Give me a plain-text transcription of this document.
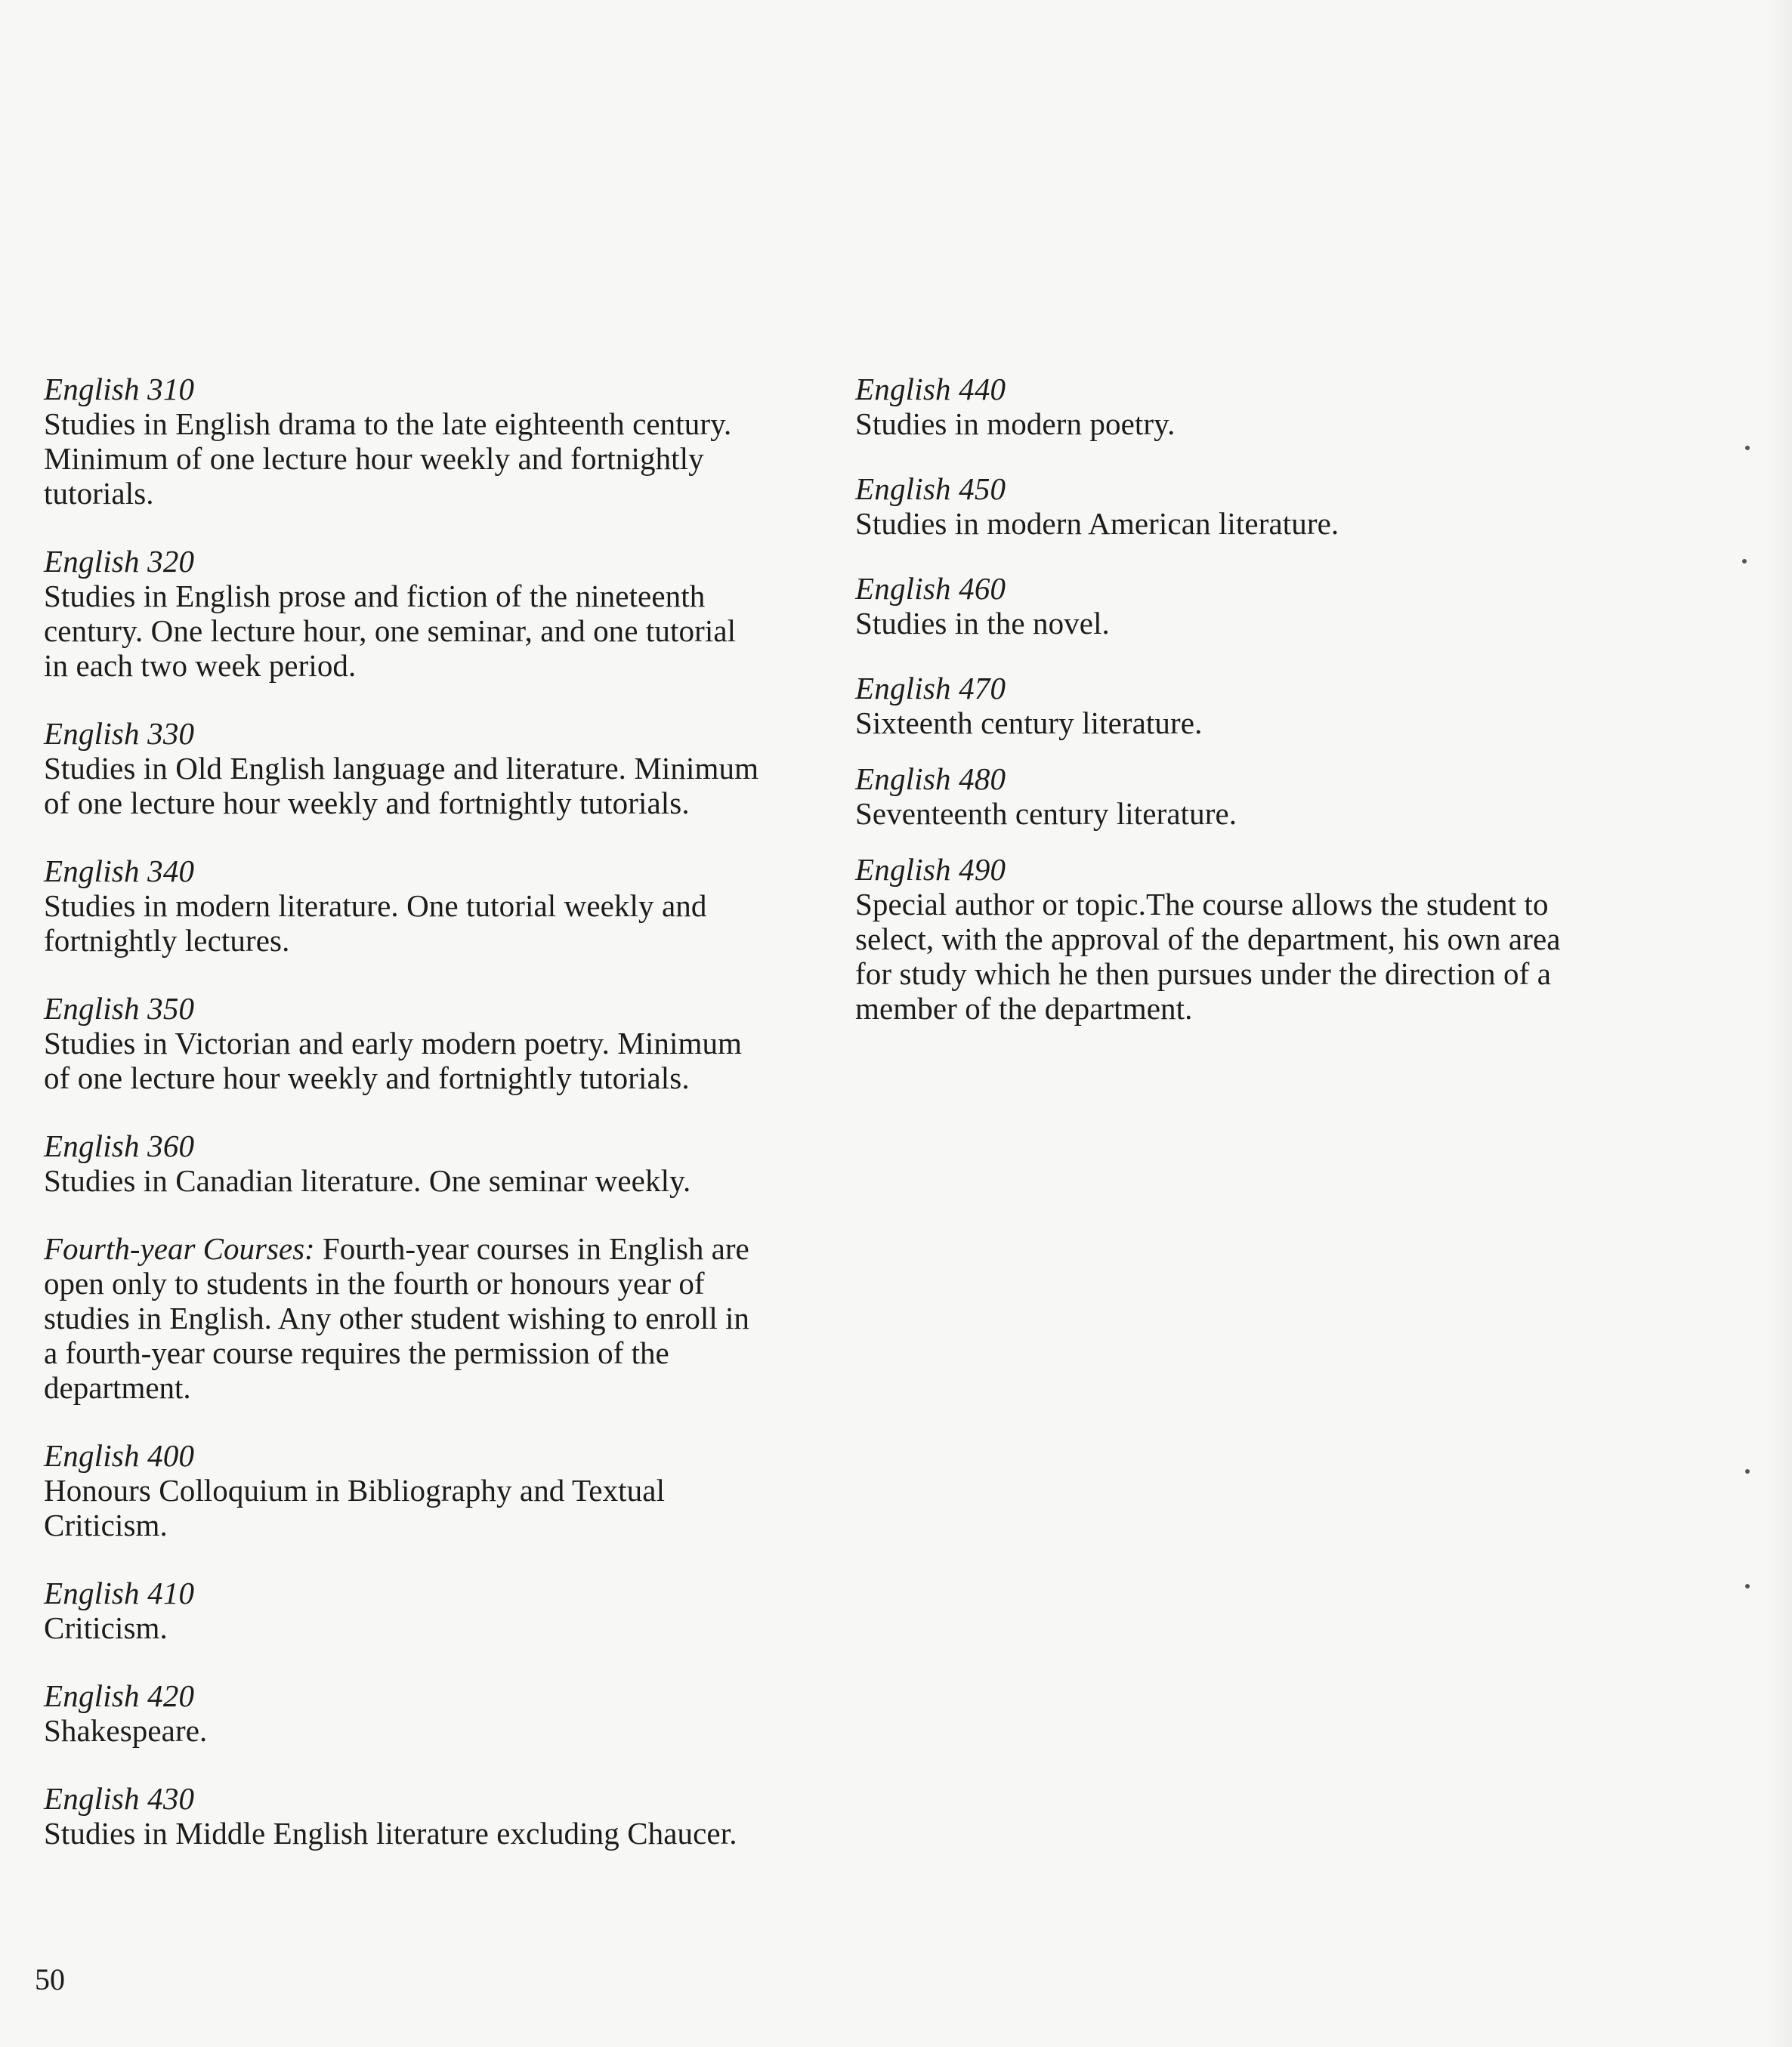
English 310

Studies in English drama to the late eighteenth century.
Minimum of one lecture hour weekly and fortnightly
tutorials.

English 320

Studies in English prose and fiction of the nineteenth
century. One lecture hour, one seminar, and one tutorial
in each two week period.

English 330

Studies in Old English language and literature. Minimum
of one lecture hour weekly and fortnightly tutorials.

English 340

Studies in modern literature. One tutorial weekly and
fortnightly lectures.

English 350

Studies in Victorian and early modern poetry. Minimum
of one lecture hour weekly and fortnightly tutorials.

English 360

Studies in Canadian literature. One seminar weekly.

Fourth-year Courses: Fourth-year courses in English are
open only to students in the fourth or honours year of
studies in English. Any other student wishing to enroll in
a fourth-year course requires the permission of the
department.

English 400

Honours Colloquium in Bibliography and Textual
Criticism.

English 410

Criticism.

English 420

Shakespeare.

English 430

Studies in Middle English literature excluding Chaucer.

English 440

Studies in modern poetry.

English 450

Studies in modern American literature.

English 460

Studies in the novel.

English 470

Sixteenth century literature.

English 480

Seventeenth century literature.

English 490

Special author or topic.The course allows the student to
select, with the approval of the department, his own area
for study which he then pursues under the direction of a
member of the department.

50
